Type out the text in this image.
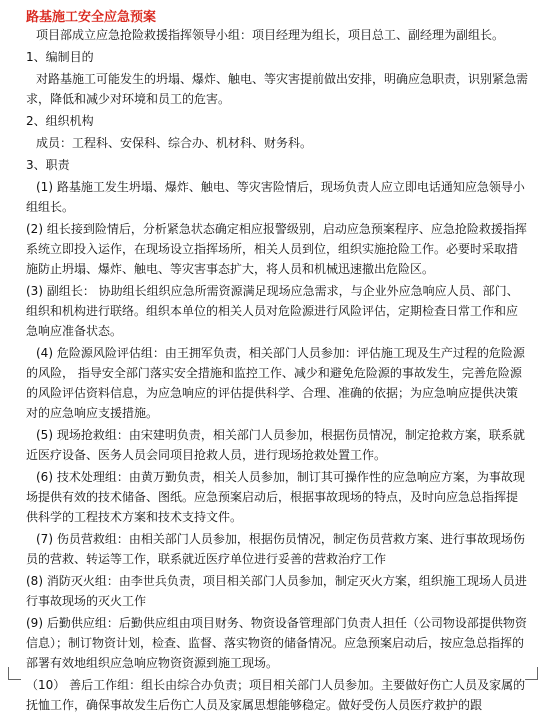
路基施工安全应急预案

项目部成立应急抢险救援指挥领导小组：项目经理为组长，项目总工、副经理为副组长。

1、编制目的

对路基施工可能发生的坍塌、爆炸、触电、等灾害提前做出安排，明确应急职责，识别紧急需求，降低和减少对环境和员工的危害。

2、组织机构

成员：工程科、安保科、综合办、机材科、财务科。

3、职责

(1) 路基施工发生坍塌、爆炸、触电、等灾害险情后，现场负责人应立即电话通知应急领导小组组长。

(2) 组长接到险情后，分析紧急状态确定相应报警级别，启动应急预案程序、应急抢险救援指挥系统立即投入运作，在现场设立指挥场所，相关人员到位，组织实施抢险工作。必要时采取措施防止坍塌、爆炸、触电、等灾害事态扩大，将人员和机械迅速撤出危险区。

(3) 副组长： 协助组长组织应急所需资源满足现场应急需求，与企业外应急响应人员、部门、组织和机构进行联络。组织本单位的相关人员对危险源进行风险评估，定期检查日常工作和应急响应准备状态。

(4) 危险源风险评估组：由王拥军负责，相关部门人员参加：评估施工现及生产过程的危险源的风险， 指导安全部门落实安全措施和监控工作、减少和避免危险源的事故发生，完善危险源的风险评估资料信息，为应急响应的评估提供科学、合理、准确的依据；为应急响应提供决策对的应急响应支援措施。

(5) 现场抢救组：由宋建明负责，相关部门人员参加，根据伤员情况，制定抢救方案，联系就近医疗设备、医务人员会同项目抢救人员，进行现场抢救处置工作。

(6) 技术处理组：由黄万勤负责，相关人员参加，制订其可操作性的应急响应方案，为事故现场提供有效的技术储备、图纸。应急预案启动后，根据事故现场的特点，及时向应急总指挥提供科学的工程技术方案和技术支持文件。

(7) 伤员营救组：由相关部门人员参加，根据伤员情况，制定伤员营救方案、进行事故现场伤员的营救、转运等工作，联系就近医疗单位进行妥善的营救治疗工作

(8) 消防灭火组：由李世兵负责，项目相关部门人员参加，制定灭火方案，组织施工现场人员进行事故现场的灭火工作

(9) 后勤供应组：后勤供应组由项目财务、物资设备管理部门负责人担任（公司物设部提供物资信息）；制订物资计划，检查、监督、落实物资的储备情况。应急预案启动后，按应急总指挥的部署有效地组织应急响应物资资源到施工现场。

（10） 善后工作组：组长由综合办负责；项目相关部门人员参加。主要做好伤亡人员及家属的抚恤工作，确保事故发生后伤亡人员及家属思想能够稳定。做好受伤人员医疗救护的跟
